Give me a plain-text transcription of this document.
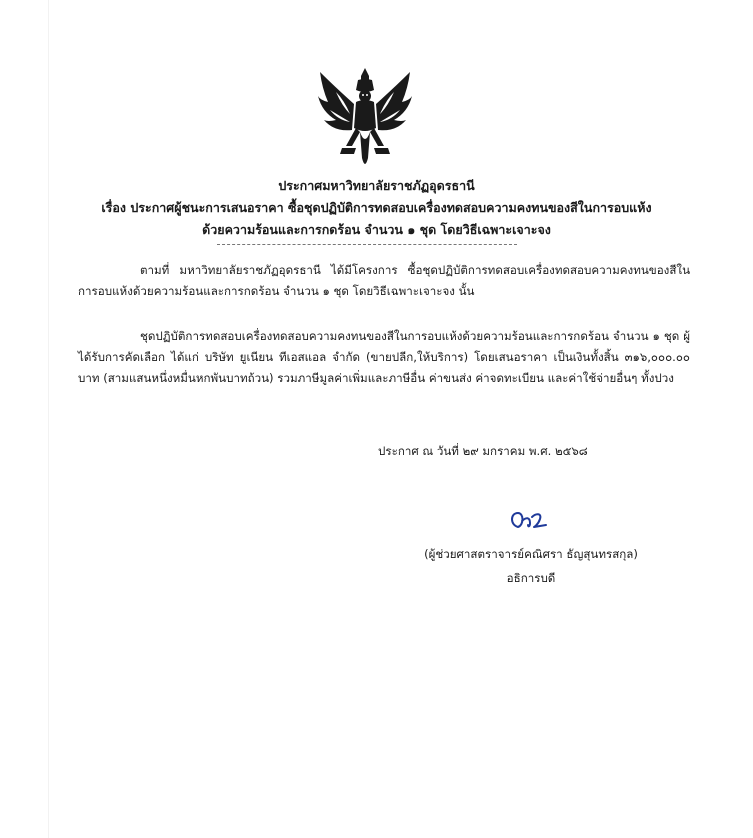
ประกาศมหาวิทยาลัยราชภัฏอุดรธานี
เรื่อง ประกาศผู้ชนะการเสนอราคา ซื้อชุดปฏิบัติการทดสอบเครื่องทดสอบความคงทนของสีในการอบแห้ง
ด้วยความร้อนและการกดร้อน จำนวน ๑ ชุด โดยวิธีเฉพาะเจาะจง
ตามที่ มหาวิทยาลัยราชภัฏอุดรธานี ได้มีโครงการ ซื้อชุดปฏิบัติการทดสอบเครื่องทดสอบความคงทนของสีในการอบแห้งด้วยความร้อนและการกดร้อน จำนวน ๑ ชุด โดยวิธีเฉพาะเจาะจง นั้น
ชุดปฏิบัติการทดสอบเครื่องทดสอบความคงทนของสีในการอบแห้งด้วยความร้อนและการกดร้อน จำนวน ๑ ชุด ผู้ได้รับการคัดเลือก ได้แก่ บริษัท ยูเนียน ทีเอสแอล จำกัด (ขายปลีก,ให้บริการ) โดยเสนอราคา เป็นเงินทั้งสิ้น ๓๑๖,๐๐๐.๐๐ บาท (สามแสนหนึ่งหมื่นหกพันบาทถ้วน) รวมภาษีมูลค่าเพิ่มและภาษีอื่น ค่าขนส่ง ค่าจดทะเบียน และค่าใช้จ่ายอื่นๆ ทั้งปวง
ประกาศ ณ วันที่ ๒๙ มกราคม พ.ศ. ๒๕๖๘
(ผู้ช่วยศาสตราจารย์คณิศรา ธัญสุนทรสกุล)
อธิการบดี
